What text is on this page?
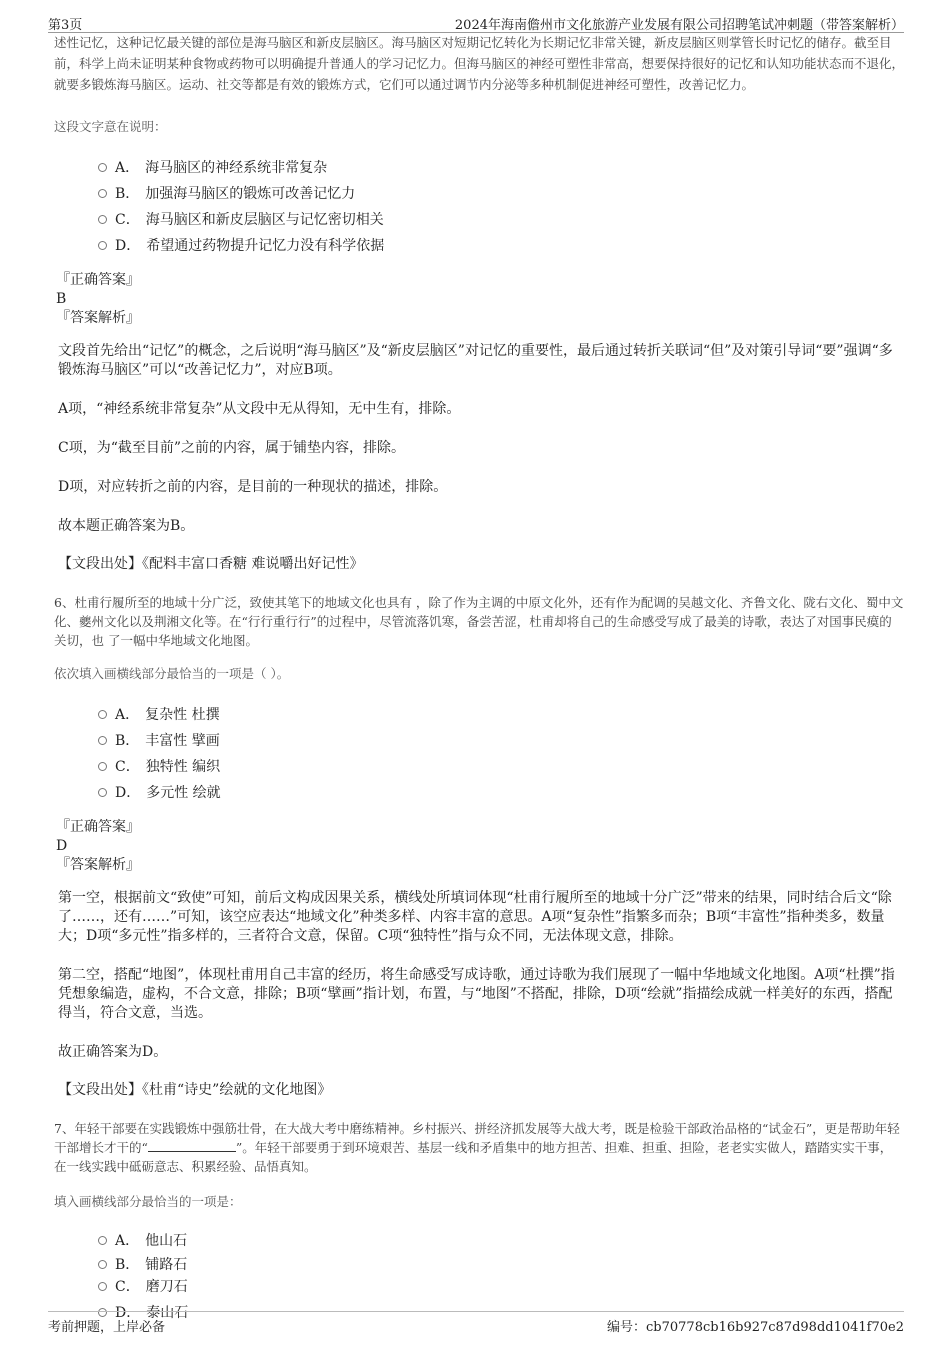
第3页	2024年海南儋州市文化旅游产业发展有限公司招聘笔试冲刺题（带答案解析）

述性记忆，这种记忆最关键的部位是海马脑区和新皮层脑区。海马脑区对短期记忆转化为长期记忆非常关键，新皮层脑区则掌管长时记忆的储存。截至目前，科学上尚未证明某种食物或药物可以明确提升普通人的学习记忆力。但海马脑区的神经可塑性非常高，想要保持很好的记忆和认知功能状态而不退化，就要多锻炼海马脑区。运动、社交等都是有效的锻炼方式，它们可以通过调节内分泌等多种机制促进神经可塑性，改善记忆力。

这段文字意在说明：

A． 海马脑区的神经系统非常复杂
B． 加强海马脑区的锻炼可改善记忆力
C． 海马脑区和新皮层脑区与记忆密切相关
D． 希望通过药物提升记忆力没有科学依据

『正确答案』

B

『答案解析』

文段首先给出“记忆”的概念，之后说明“海马脑区”及“新皮层脑区”对记忆的重要性，最后通过转折关联词“但”及对策引导词“要”强调“多锻炼海马脑区”可以“改善记忆力”，对应B项。

A项，“神经系统非常复杂”从文段中无从得知，无中生有，排除。

C项，为“截至目前”之前的内容，属于铺垫内容，排除。

D项，对应转折之前的内容，是目前的一种现状的描述，排除。

故本题正确答案为B。

【文段出处】《配料丰富口香糖 难说嚼出好记性》

6、杜甫行履所至的地域十分广泛，致使其笔下的地域文化也具有 ，除了作为主调的中原文化外，还有作为配调的吴越文化、齐鲁文化、陇右文化、蜀中文化、夔州文化以及荆湘文化等。在“行行重行行”的过程中，尽管流落饥寒，备尝苦涩，杜甫却将自己的生命感受写成了最美的诗歌，表达了对国事民瘼的关切，也 了一幅中华地域文化地图。

依次填入画横线部分最恰当的一项是（ ）。

A． 复杂性 杜撰
B． 丰富性 擘画
C． 独特性 编织
D． 多元性 绘就

『正确答案』

D

『答案解析』

第一空，根据前文“致使”可知，前后文构成因果关系，横线处所填词体现“杜甫行履所至的地域十分广泛”带来的结果，同时结合后文“除了……，还有……”可知，该空应表达“地域文化”种类多样、内容丰富的意思。A项“复杂性”指繁多而杂；B项“丰富性”指种类多，数量大；D项“多元性”指多样的，三者符合文意，保留。C项“独特性”指与众不同，无法体现文意，排除。

第二空，搭配“地图”，体现杜甫用自己丰富的经历，将生命感受写成诗歌，通过诗歌为我们展现了一幅中华地域文化地图。A项“杜撰”指凭想象编造，虚构，不合文意，排除；B项“擘画”指计划，布置，与“地图”不搭配，排除，D项“绘就”指描绘成就一样美好的东西，搭配得当，符合文意，当选。

故正确答案为D。

【文段出处】《杜甫“诗史”绘就的文化地图》

7、年轻干部要在实践锻炼中强筋壮骨，在大战大考中磨练精神。乡村振兴、拼经济抓发展等大战大考，既是检验干部政治品格的“试金石”，更是帮助年轻干部增长才干的“	”。年轻干部要勇于到环境艰苦、基层一线和矛盾集中的地方担苦、担难、担重、担险，老老实实做人，踏踏实实干事，在一线实践中砥砺意志、积累经验、品悟真知。

填入画横线部分最恰当的一项是：

A． 他山石
B． 铺路石
C． 磨刀石
D． 泰山石
考前押题，上岸必备	编号：cb70778cb16b927c87d98dd1041f70e2
